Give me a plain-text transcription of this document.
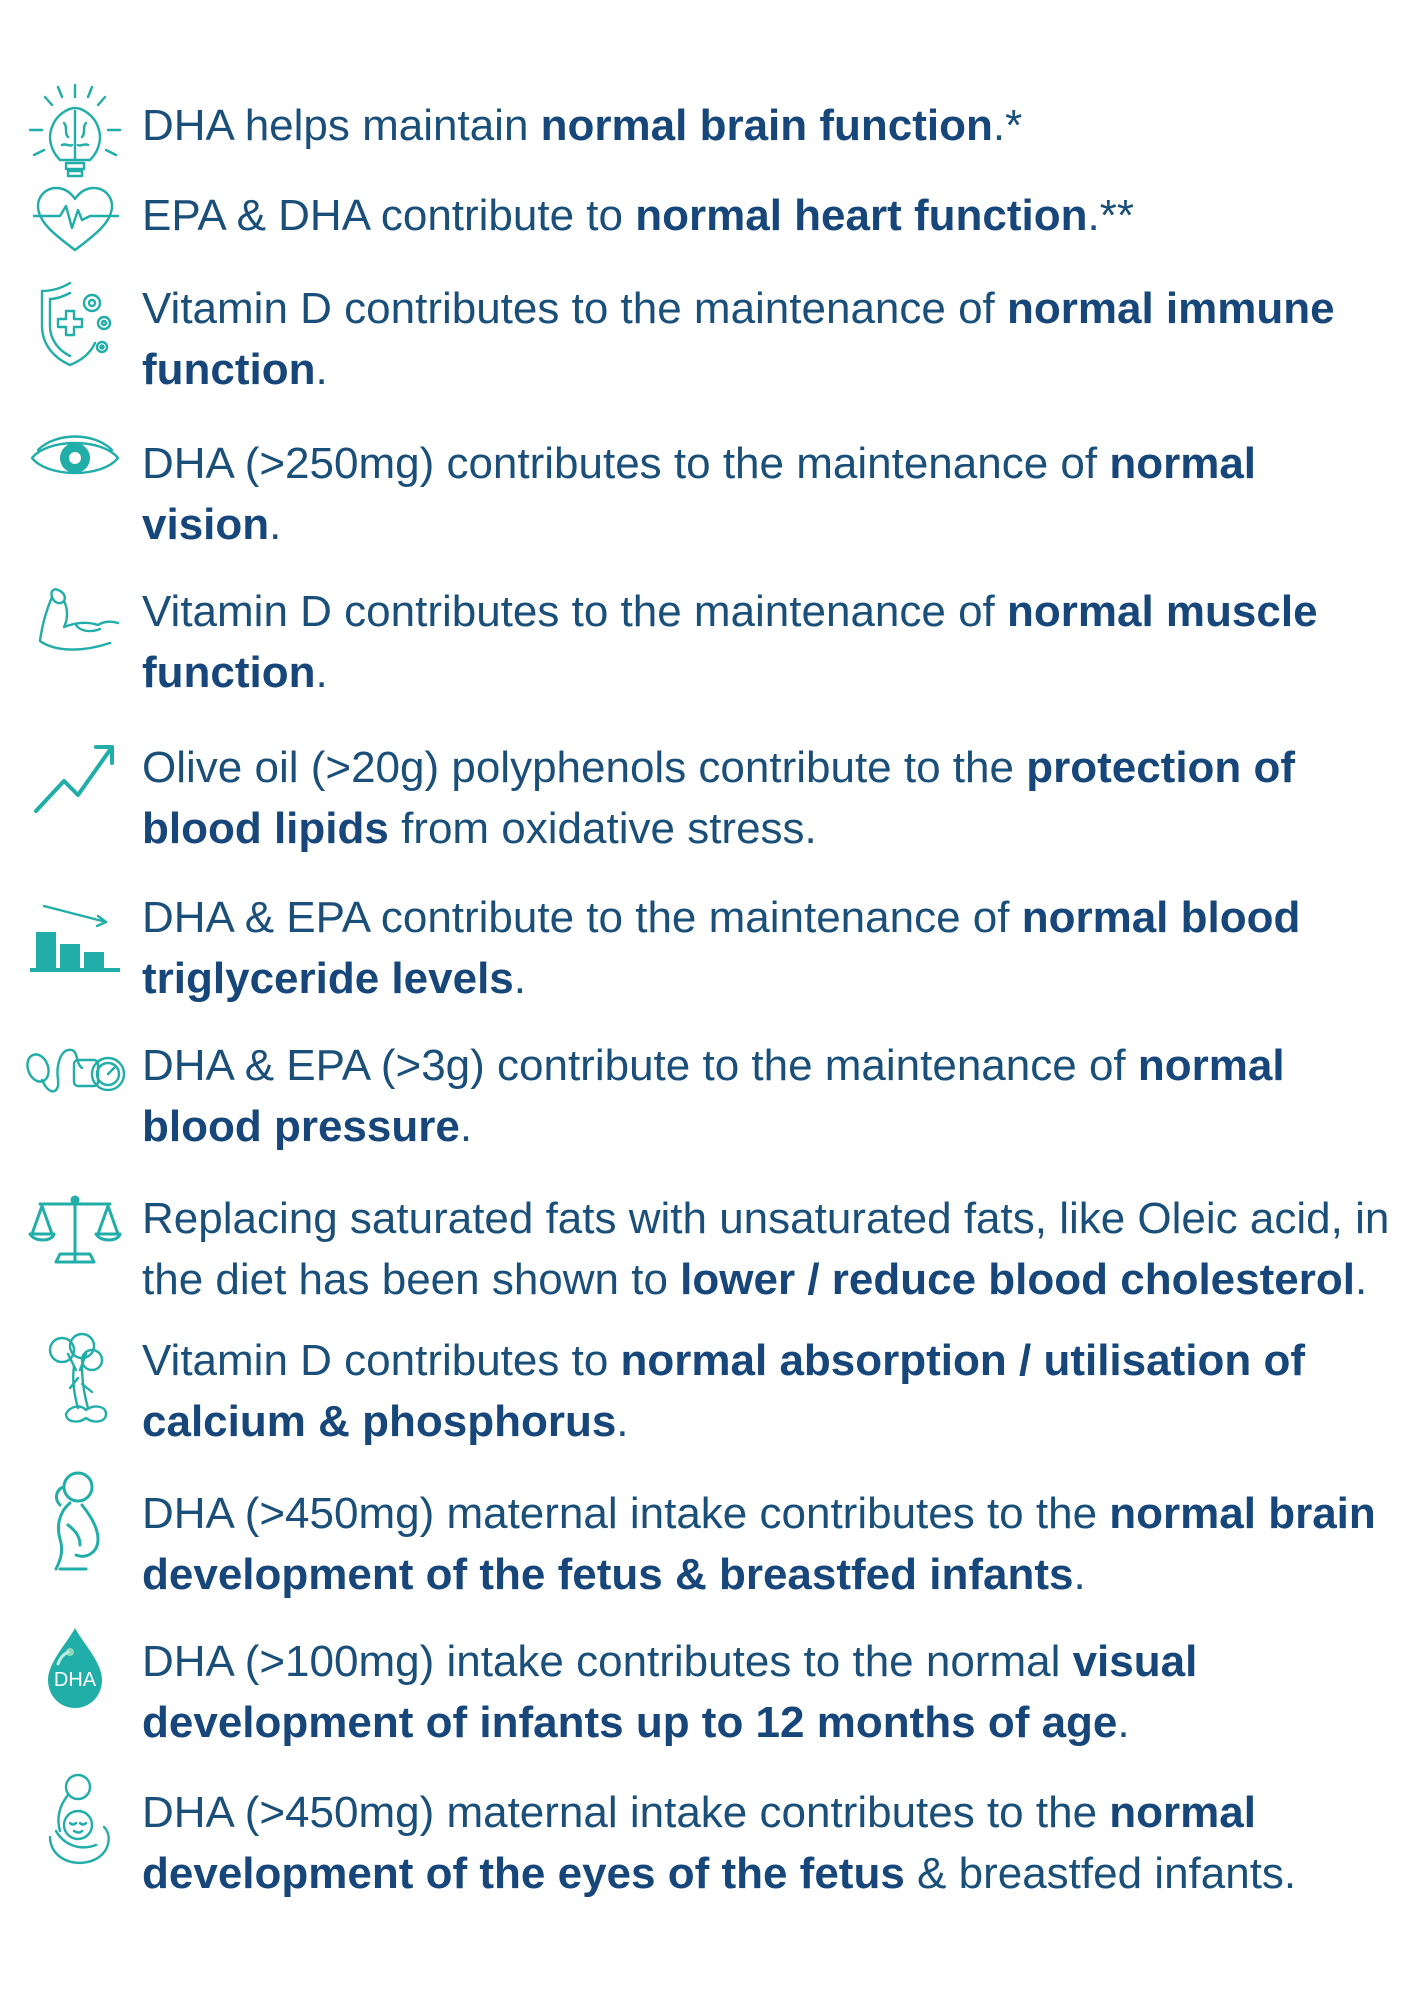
DHA helps maintain normal brain function.*
EPA & DHA contribute to normal heart function.**
Vitamin D contributes to the maintenance of normal immune function.
DHA (>250mg) contributes to the maintenance of normal vision.
Vitamin D contributes to the maintenance of normal muscle function.
Olive oil (>20g) polyphenols contribute to the protection of blood lipids from oxidative stress.
DHA & EPA contribute to the maintenance of normal blood triglyceride levels.
DHA & EPA (>3g) contribute to the maintenance of normal blood pressure.
Replacing saturated fats with unsaturated fats, like Oleic acid, in the diet has been shown to lower / reduce blood cholesterol.
Vitamin D contributes to normal absorption / utilisation of calcium & phosphorus.
DHA (>450mg) maternal intake contributes to the normal brain development of the fetus & breastfed infants.
DHA DHA (>100mg) intake contributes to the normal visual development of infants up to 12 months of age.
DHA (>450mg) maternal intake contributes to the normal development of the eyes of the fetus & breastfed infants.
